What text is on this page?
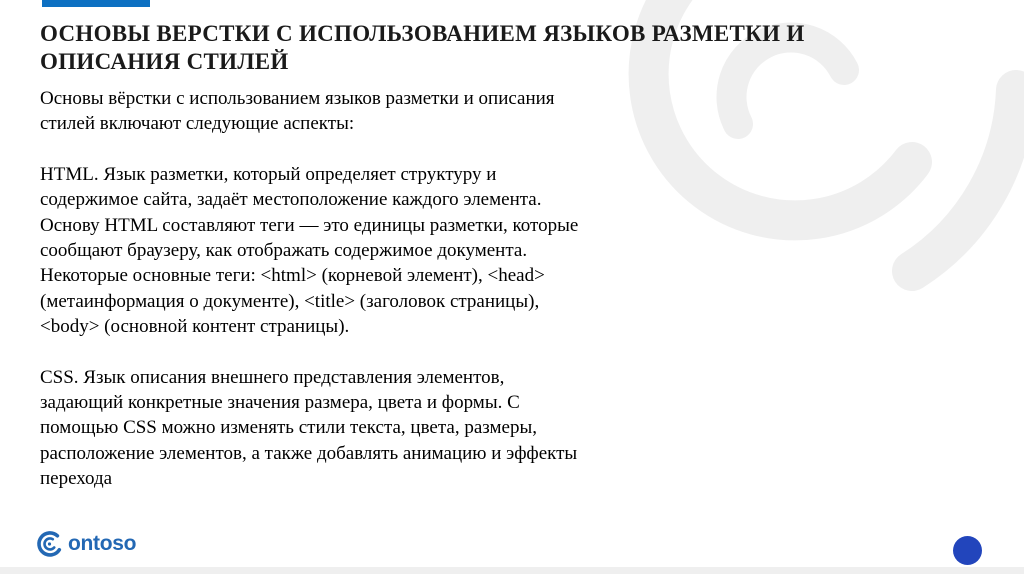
ОСНОВЫ ВЕРСТКИ С ИСПОЛЬЗОВАНИЕМ ЯЗЫКОВ РАЗМЕТКИ И
ОПИСАНИЯ СТИЛЕЙ

Основы вёрстки с использованием языков разметки и описания стилей включают следующие аспекты:

HTML. Язык разметки, который определяет структуру и содержимое сайта, задаёт местоположение каждого элемента. Основу HTML составляют теги — это единицы разметки, которые сообщают браузеру, как отображать содержимое документа. Некоторые основные теги: <html> (корневой элемент), <head> (метаинформация о документе), <title> (заголовок страницы), <body> (основной контент страницы).

CSS. Язык описания внешнего представления элементов, задающий конкретные значения размера, цвета и формы. С помощью CSS можно изменять стили текста, цвета, размеры, расположение элементов, а также добавлять анимацию и эффекты перехода

ontoso
